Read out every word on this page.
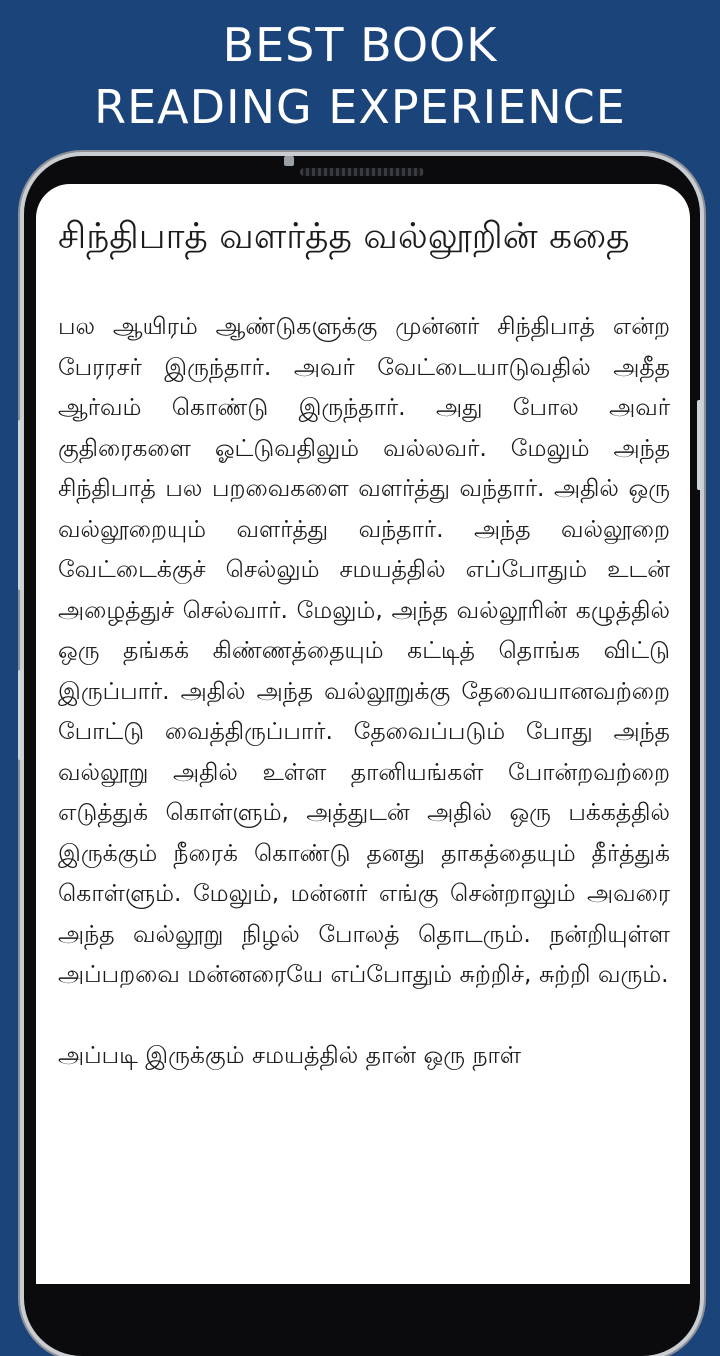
BEST BOOK
READING EXPERIENCE
சிந்திபாத் வளர்த்த வல்லூறின் கதை

பல ஆயிரம் ஆண்டுகளுக்கு முன்னர் சிந்திபாத் என்ற பேரரசர் இருந்தார். அவர் வேட்டையாடுவதில் அதீத ஆர்வம் கொண்டு இருந்தார். அது போல அவர் குதிரைகளை ஓட்டுவதிலும் வல்லவர். மேலும் அந்த சிந்திபாத் பல பறவைகளை வளர்த்து வந்தார். அதில் ஒரு வல்லூறையும் வளர்த்து வந்தார். அந்த வல்லூறை வேட்டைக்குச் செல்லும் சமயத்தில் எப்போதும் உடன் அழைத்துச் செல்வார். மேலும், அந்த வல்லூரின் கழுத்தில் ஒரு தங்கக் கிண்ணத்தையும் கட்டித் தொங்க விட்டு இருப்பார். அதில் அந்த வல்லூறுக்கு தேவையானவற்றை போட்டு வைத்திருப்பார். தேவைப்படும் போது அந்த வல்லூறு அதில் உள்ள தானியங்கள் போன்றவற்றை எடுத்துக் கொள்ளும், அத்துடன் அதில் ஒரு பக்கத்தில் இருக்கும் நீரைக் கொண்டு தனது தாகத்தையும் தீர்த்துக் கொள்ளும். மேலும், மன்னர் எங்கு சென்றாலும் அவரை அந்த வல்லூறு நிழல் போலத் தொடரும். நன்றியுள்ள அப்பறவை மன்னரையே எப்போதும் சுற்றிச், சுற்றி வரும்.

அப்படி இருக்கும் சமயத்தில் தான் ஒரு நாள்
